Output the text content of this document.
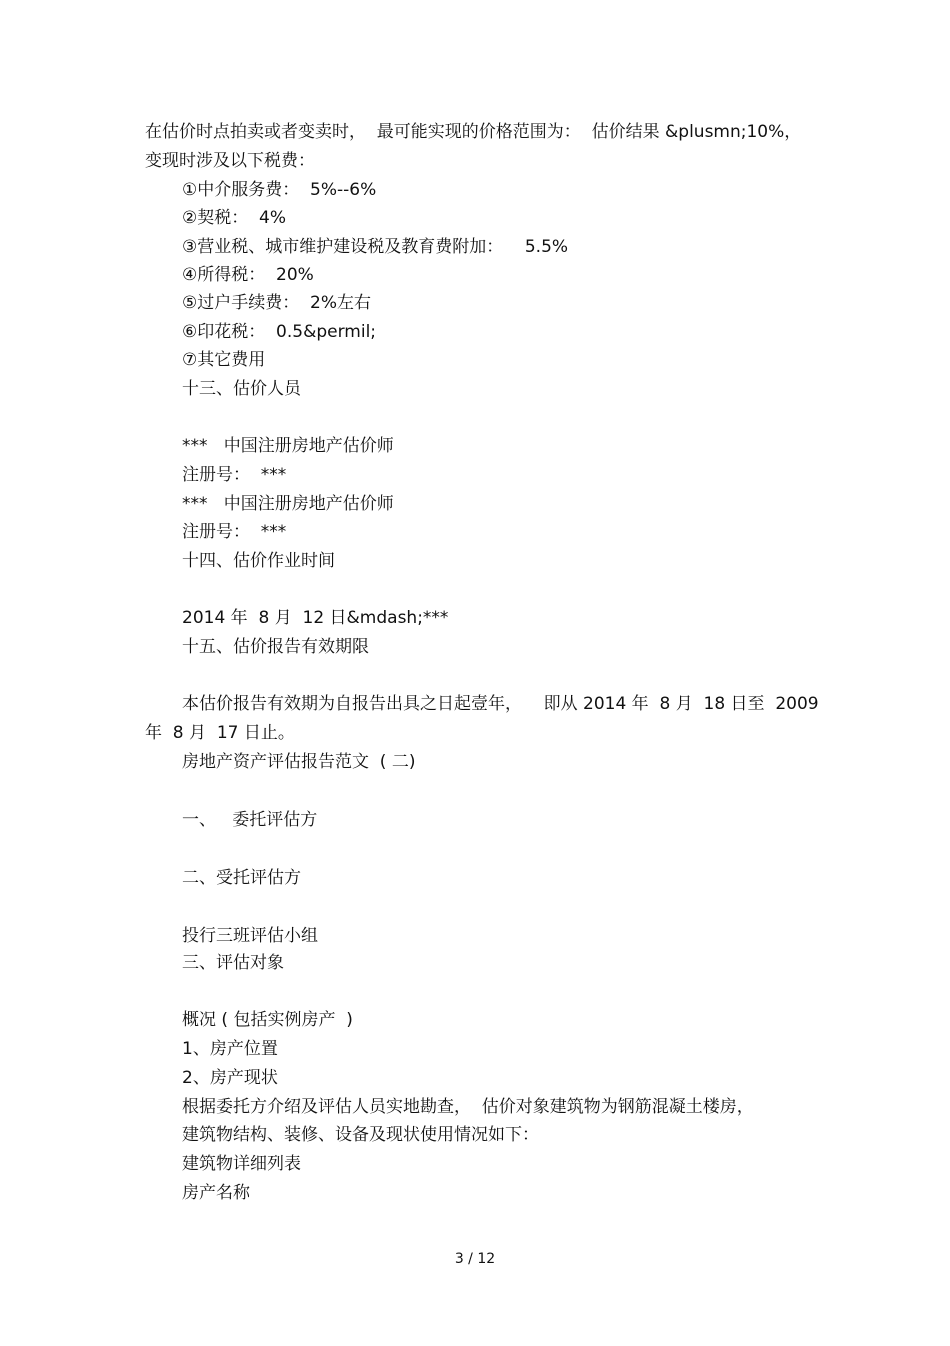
在估价时点拍卖或者变卖时，  最可能实现的价格范围为：  估价结果 &plusmn;10%，
变现时涉及以下税费：
①中介服务费：  5%--6%
②契税：  4%
③营业税、城市维护建设税及教育费附加：    5.5%
④所得税：  20%
⑤过户手续费：  2%左右
⑥印花税：  0.5&permil;
⑦其它费用
十三、估价人员
***   中国注册房地产估价师
注册号：  ***
***   中国注册房地产估价师
注册号：  ***
十四、估价作业时间
2014 年  8 月  12 日&mdash;***
十五、估价报告有效期限
本估价报告有效期为自报告出具之日起壹年，    即从 2014 年  8 月  18 日至  2009
年  8 月  17 日止。
房地产资产评估报告范文  ( 二)
一、   委托评估方
二、受托评估方
投行三班评估小组
三、评估对象
概况 ( 包括实例房产  )
1、房产位置
2、房产现状
根据委托方介绍及评估人员实地勘查，  估价对象建筑物为钢筋混凝土楼房，
建筑物结构、装修、设备及现状使用情况如下：
建筑物详细列表
房产名称
3 / 12
